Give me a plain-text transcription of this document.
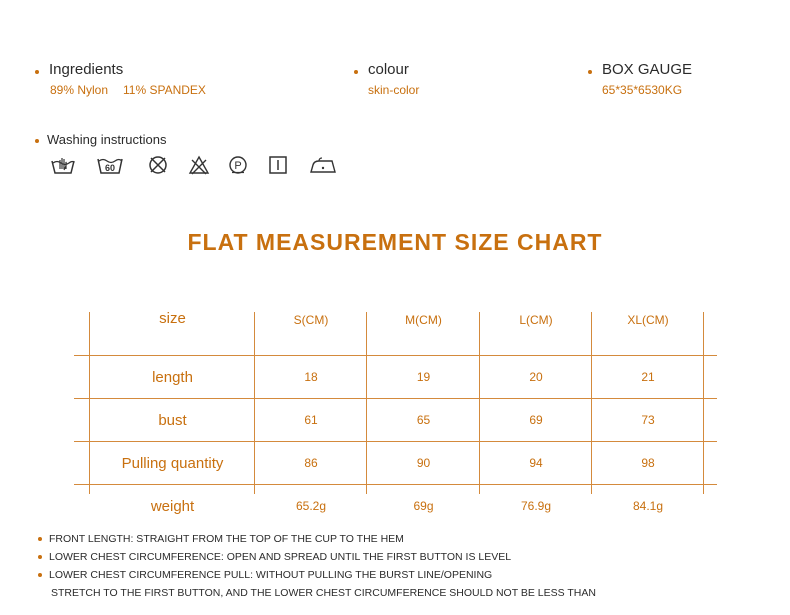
Ingredients
89% Nylon 11% SPANDEX
colour
skin-color
BOX GAUGE
65*35*6530KG
Washing instructions
60	P
FLAT MEASUREMENT SIZE CHART
	size	S(CM)	M(CM)	L(CM)	XL(CM)	
	length	18	19	20	21	
	bust	61	65	69	73	
	Pulling quantity	86	90	94	98	
	weight	65.2g	69g	76.9g	84.1g	
FRONT LENGTH: STRAIGHT FROM THE TOP OF THE CUP TO THE HEM
LOWER CHEST CIRCUMFERENCE: OPEN AND SPREAD UNTIL THE FIRST BUTTON IS LEVEL
LOWER CHEST CIRCUMFERENCE PULL: WITHOUT PULLING THE BURST LINE/OPENING
STRETCH TO THE FIRST BUTTON, AND THE LOWER CHEST CIRCUMFERENCE SHOULD NOT BE LESS THAN
